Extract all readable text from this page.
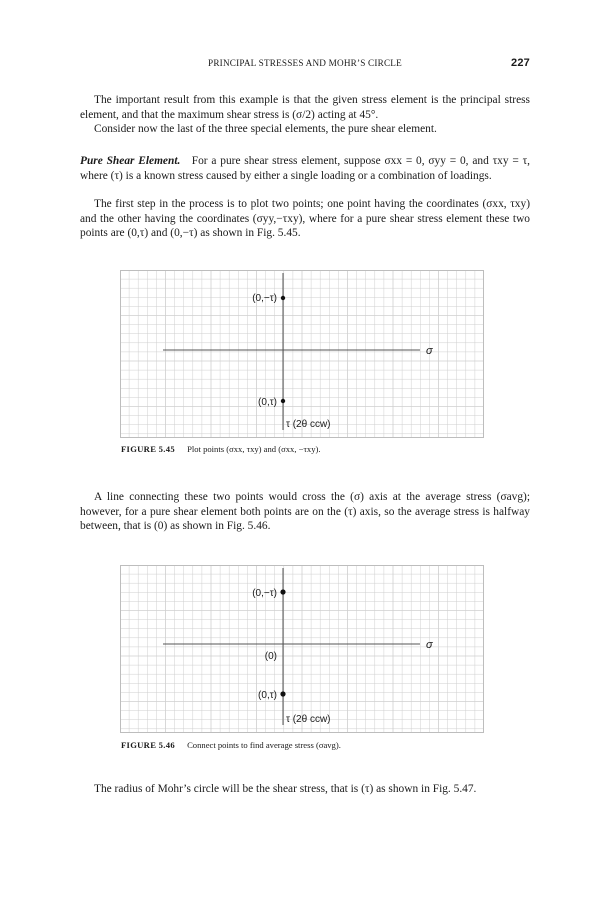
PRINCIPAL STRESSES AND MOHR’S CIRCLE	227
The important result from this example is that the given stress element is the principal stress element, and that the maximum shear stress is (σ/2) acting at 45°.
Consider now the last of the three special elements, the pure shear element.
Pure Shear Element. For a pure shear stress element, suppose σxx = 0, σyy = 0, and τxy = τ, where (τ) is a known stress caused by either a single loading or a combination of loadings.
The first step in the process is to plot two points; one point having the coordinates (σxx, τxy) and the other having the coordinates (σyy,−τxy), where for a pure shear stress element these two points are (0,τ) and (0,−τ) as shown in Fig. 5.45.
(0,−τ)
(0,τ)
σ
τ (2θ ccw)
FIGURE 5.45 Plot points (σxx, τxy) and (σxx, −τxy).
A line connecting these two points would cross the (σ) axis at the average stress (σavg); however, for a pure shear element both points are on the (τ) axis, so the average stress is halfway between, that is (0) as shown in Fig. 5.46.
(0,−τ)
(0)
(0,τ)
σ
τ (2θ ccw)
FIGURE 5.46 Connect points to find average stress (σavg).
The radius of Mohr’s circle will be the shear stress, that is (τ) as shown in Fig. 5.47.
